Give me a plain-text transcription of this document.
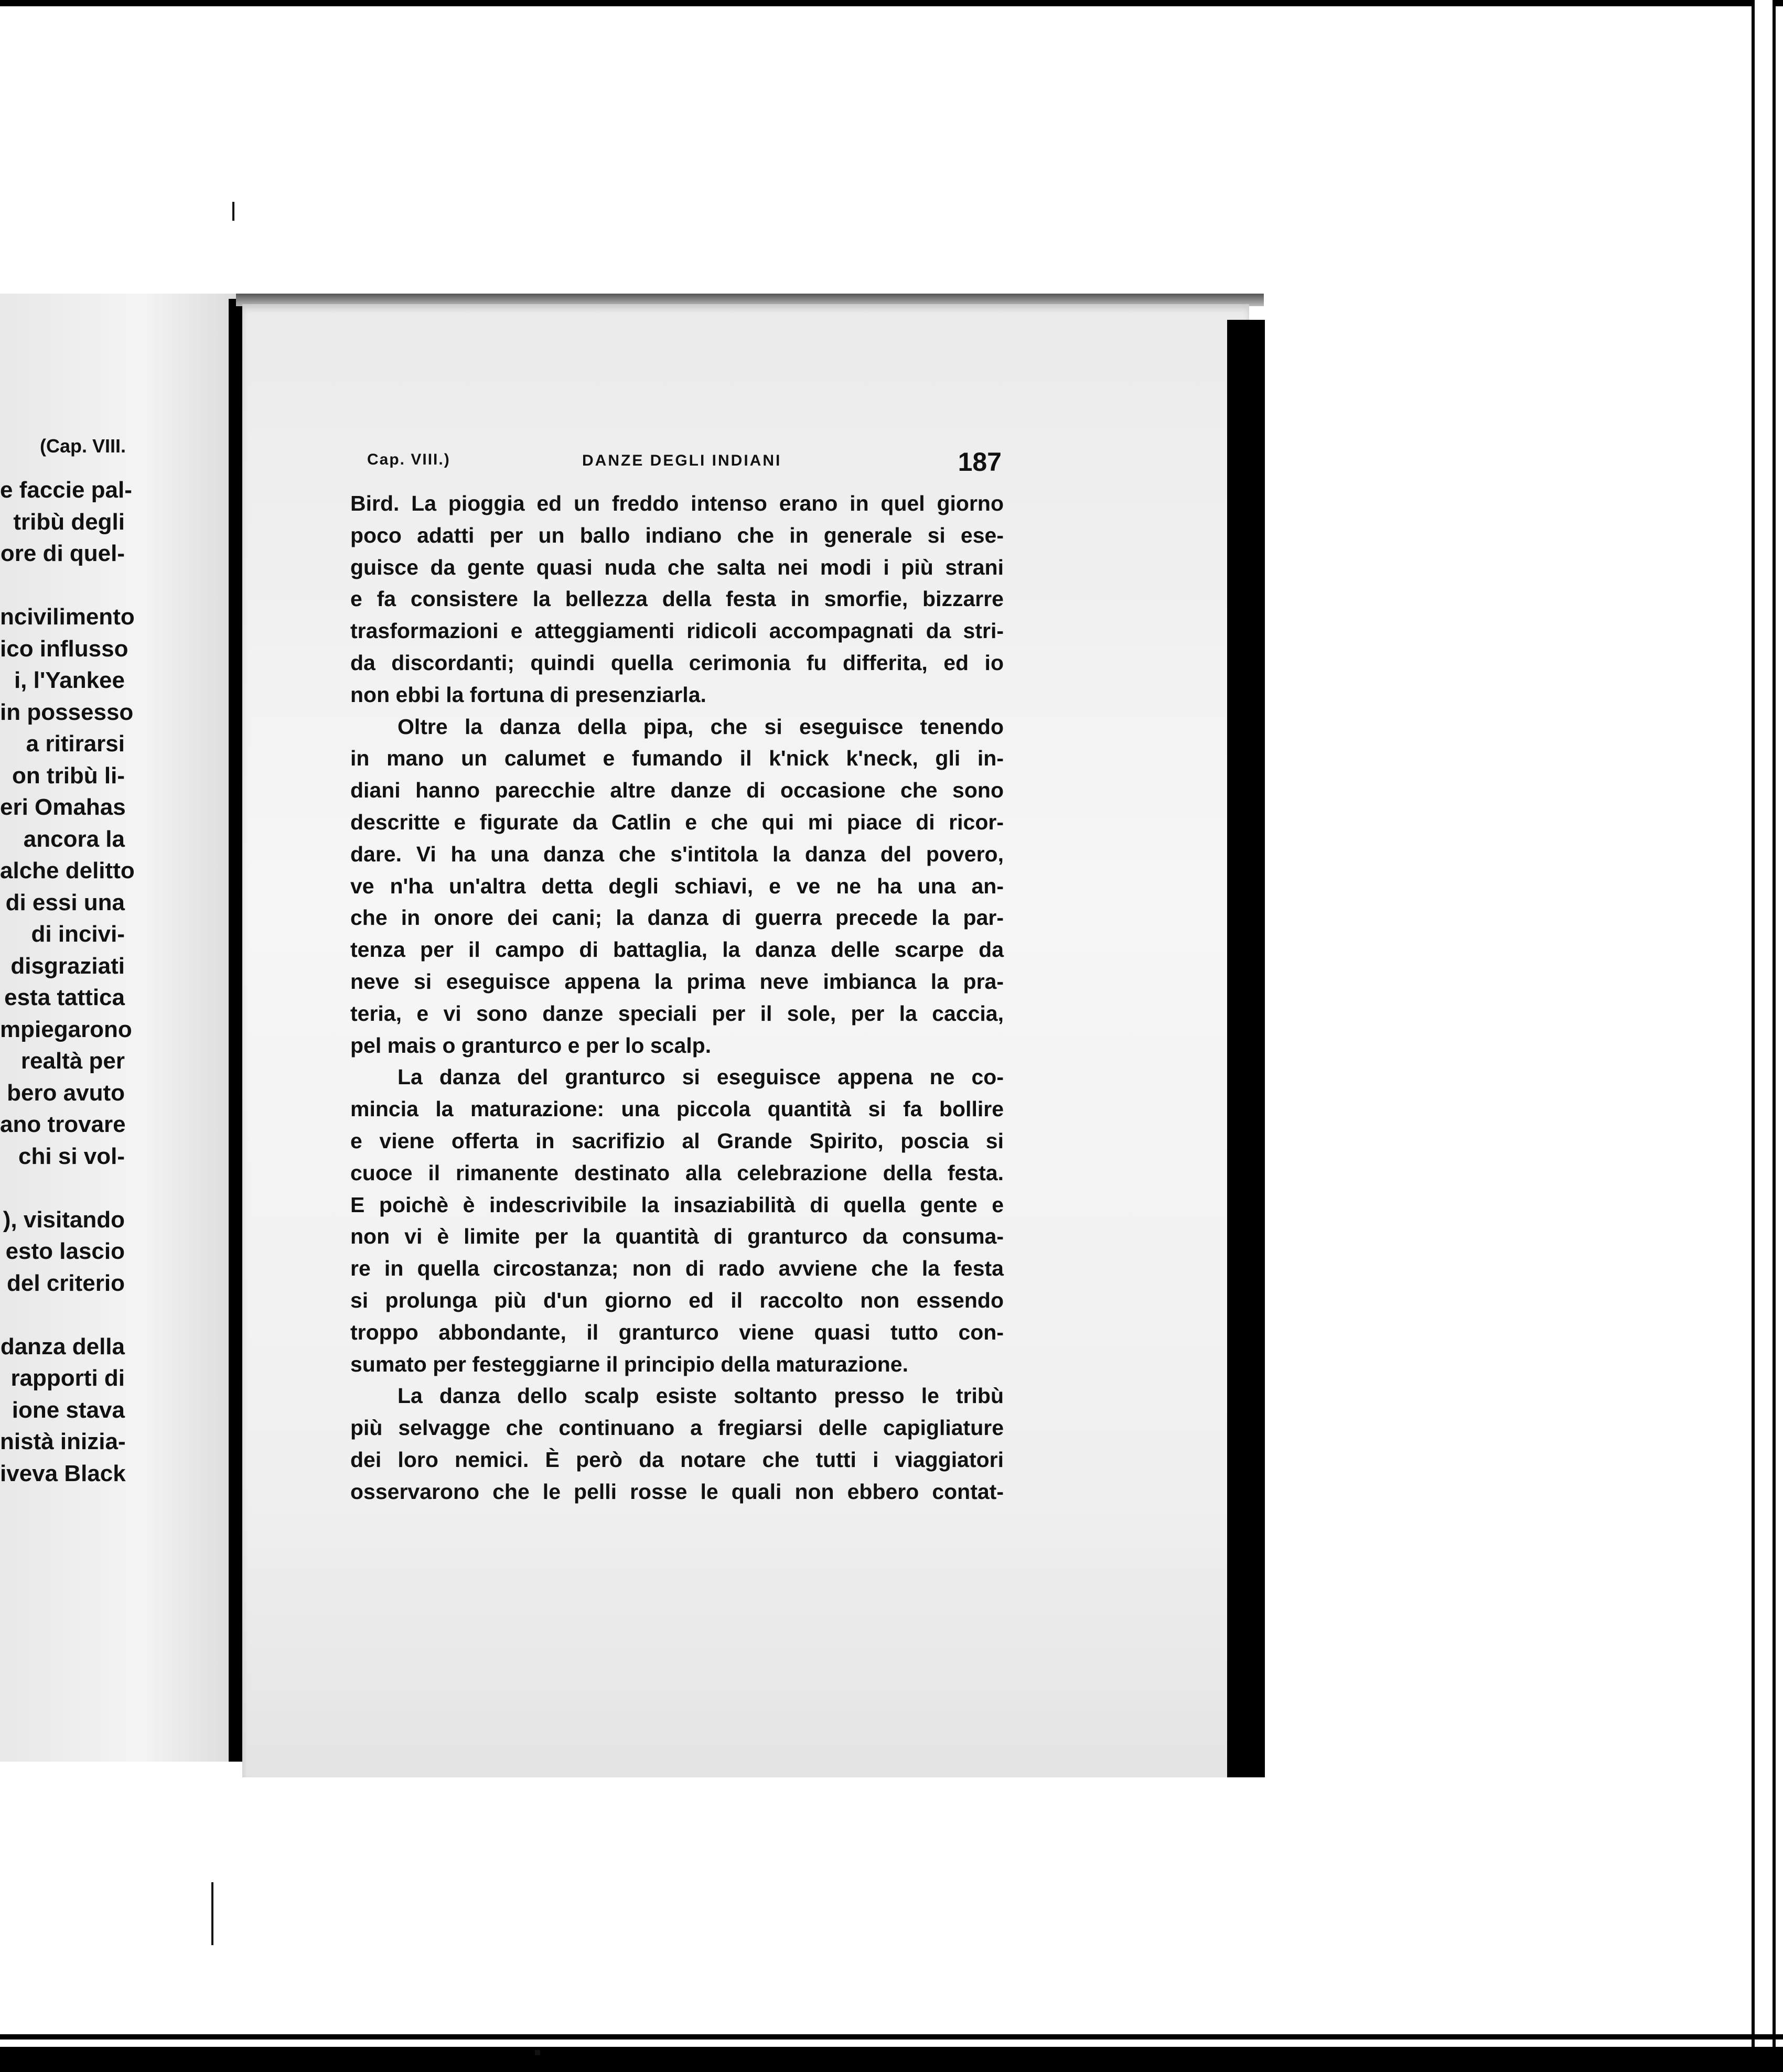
(Cap. VIII.
e faccie pal-
tribù degli
ore di quel-
ncivilimento
ico influsso
i, l'Yankee
in possesso
a ritirarsi
on tribù li-
eri Omahas
ancora la
alche delitto
di essi una
di incivi-
disgraziati
esta tattica
mpiegarono
realtà per
bero avuto
ano trovare
chi si vol-
), visitando
esto lascio
del criterio
danza della
rapporti di
ione stava
nistà inizia-
iveva Black
Cap. VIII.)	DANZE DEGLI INDIANI	187
Bird. La pioggia ed un freddo intenso erano in quel giorno
poco adatti per un ballo indiano che in generale si ese-
guisce da gente quasi nuda che salta nei modi i più strani
e fa consistere la bellezza della festa in smorfie, bizzarre
trasformazioni e atteggiamenti ridicoli accompagnati da stri-
da discordanti; quindi quella cerimonia fu differita, ed io
non ebbi la fortuna di presenziarla.
Oltre la danza della pipa, che si eseguisce tenendo
in mano un calumet e fumando il k'nick k'neck, gli in-
diani hanno parecchie altre danze di occasione che sono
descritte e figurate da Catlin e che qui mi piace di ricor-
dare. Vi ha una danza che s'intitola la danza del povero,
ve n'ha un'altra detta degli schiavi, e ve ne ha una an-
che in onore dei cani; la danza di guerra precede la par-
tenza per il campo di battaglia, la danza delle scarpe da
neve si eseguisce appena la prima neve imbianca la pra-
teria, e vi sono danze speciali per il sole, per la caccia,
pel mais o granturco e per lo scalp.
La danza del granturco si eseguisce appena ne co-
mincia la maturazione: una piccola quantità si fa bollire
e viene offerta in sacrifizio al Grande Spirito, poscia si
cuoce il rimanente destinato alla celebrazione della festa.
E poichè è indescrivibile la insaziabilità di quella gente e
non vi è limite per la quantità di granturco da consuma-
re in quella circostanza; non di rado avviene che la festa
si prolunga più d'un giorno ed il raccolto non essendo
troppo abbondante, il granturco viene quasi tutto con-
sumato per festeggiarne il principio della maturazione.
La danza dello scalp esiste soltanto presso le tribù
più selvagge che continuano a fregiarsi delle capigliature
dei loro nemici. È però da notare che tutti i viaggiatori
osservarono che le pelli rosse le quali non ebbero contat-
